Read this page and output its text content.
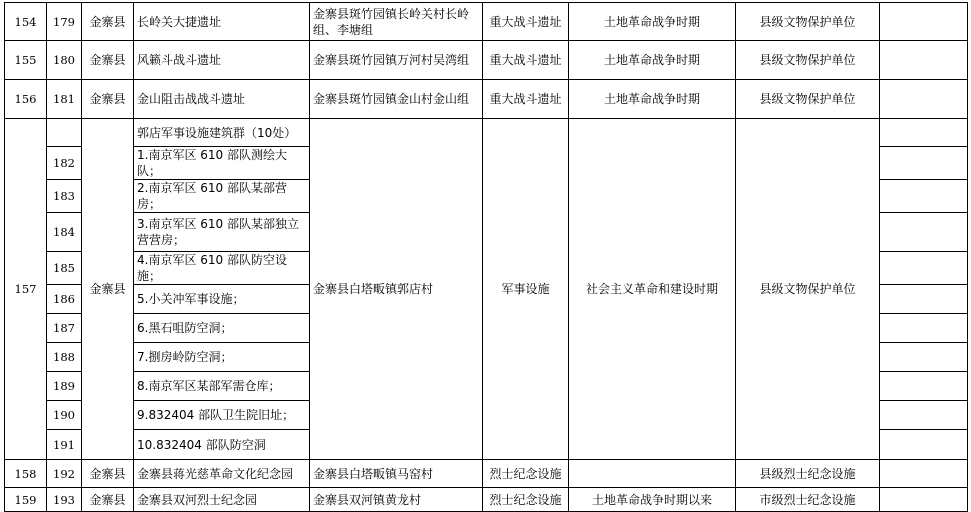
154	179	金寨县	长岭关大捷遗址	金寨县斑竹园镇长岭关村长岭组、李塘组	重大战斗遗址	土地革命战争时期	县级文物保护单位	
155	180	金寨县	风籁斗战斗遗址	金寨县斑竹园镇万河村吴湾组	重大战斗遗址	土地革命战争时期	县级文物保护单位	
156	181	金寨县	金山阻击战战斗遗址	金寨县斑竹园镇金山村金山组	重大战斗遗址	土地革命战争时期	县级文物保护单位	
157		金寨县	郭店军事设施建筑群（10处）	金寨县白塔畈镇郭店村	军事设施	社会主义革命和建设时期	县级文物保护单位	
	182		1.南京军区 610 部队测绘大队；					
	183		2.南京军区 610 部队某部营房；					
	184		3.南京军区 610 部队某部独立营营房；					
	185		4.南京军区 610 部队防空设施；					
	186		5.小关冲军事设施；					
	187		6.黑石咀防空洞；					
	188		7.捌房岭防空洞；					
	189		8.南京军区某部军需仓库；					
	190		9.832404 部队卫生院旧址；					
	191		10.832404 部队防空洞					
158	192	金寨县	金寨县蒋光慈革命文化纪念园	金寨县白塔畈镇马窑村	烈士纪念设施		县级烈士纪念设施	
159	193	金寨县	金寨县双河烈士纪念园	金寨县双河镇黄龙村	烈士纪念设施	土地革命战争时期以来	市级烈士纪念设施	
